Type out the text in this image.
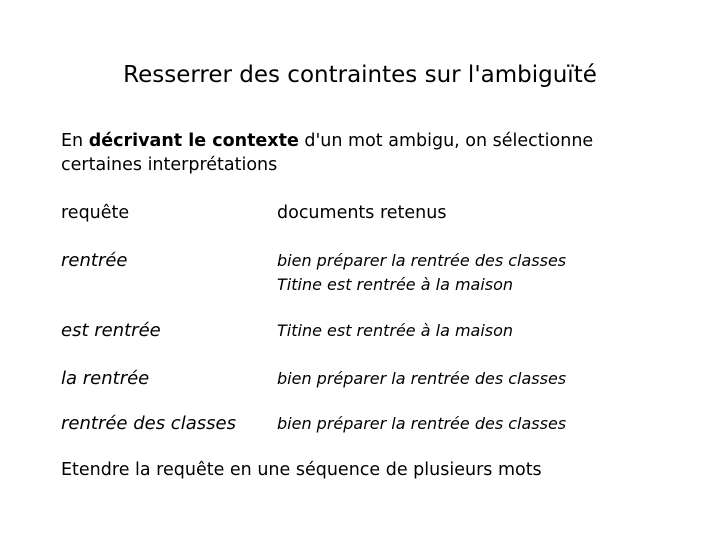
Resserrer des contraintes sur l'ambiguïté
En décrivant le contexte d'un mot ambigu, on sélectionne certaines interprétations
requête	documents retenus
rentrée	bien préparer la rentrée des classes
Titine est rentrée à la maison
est rentrée	Titine est rentrée à la maison
la rentrée	bien préparer la rentrée des classes
rentrée des classes	bien préparer la rentrée des classes
Etendre la requête en une séquence de plusieurs mots
